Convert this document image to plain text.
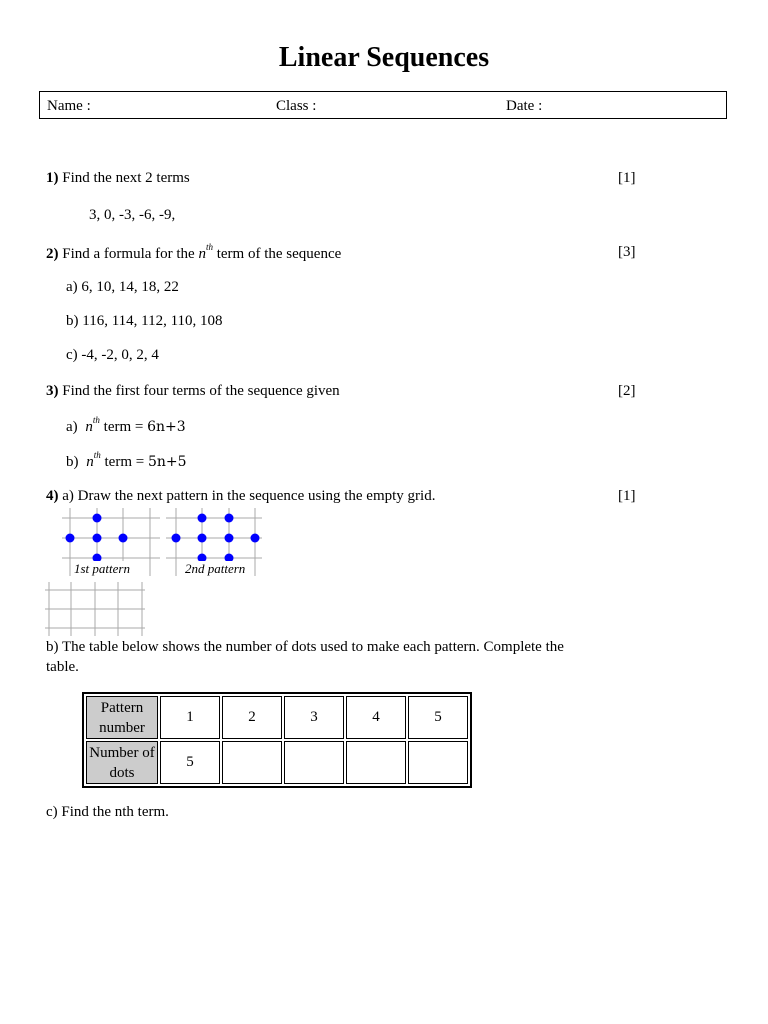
Linear Sequences
Name :	Class :	Date :
1) Find the next 2 terms	[1]
3, 0, -3, -6, -9,
2) Find a formula for the $n^{th}$ term of the sequence	[3]
a) 6, 10, 14, 18, 22
b) 116, 114, 112, 110, 108
c) -4, -2, 0, 2, 4
3) Find the first four terms of the sequence given	[2]
a) $n^{th}$ term = 6n+3
b) $n^{th}$ term = 5n+5
4) a) Draw the next pattern in the sequence using the empty grid.	[1]
1st pattern	2nd pattern
b) The table below shows the number of dots used to make each pattern. Complete the
table.
Pattern
number	1	2	3	4	5
Number of
dots	5				
c) Find the nth term.
